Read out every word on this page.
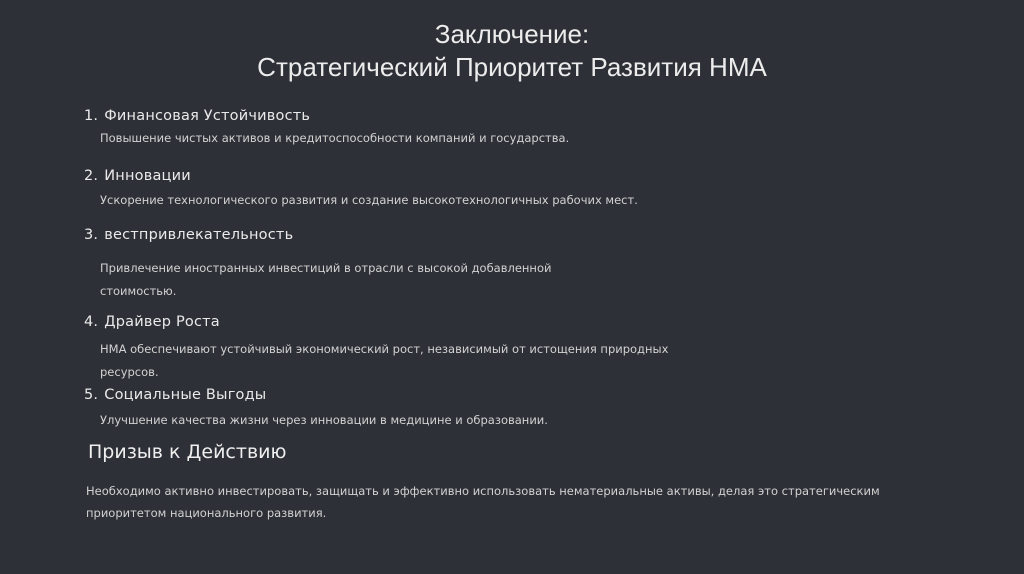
Заключение:
Стратегический Приоритет Развития НМА
1. Финансовая Устойчивость
Повышение чистых активов и кредитоспособности компаний и государства.
2. Инновации
Ускорение технологического развития и создание высокотехнологичных рабочих мест.
3. вестпривлекательность
Привлечение иностранных инвестиций в отрасли с высокой добавленной
стоимостью.
4. Драйвер Роста
НМА обеспечивают устойчивый экономический рост, независимый от истощения природных
ресурсов.
5. Социальные Выгоды
Улучшение качества жизни через инновации в медицине и образовании.
Призыв к Действию
Необходимо активно инвестировать, защищать и эффективно использовать нематериальные активы, делая это стратегическим
приоритетом национального развития.
